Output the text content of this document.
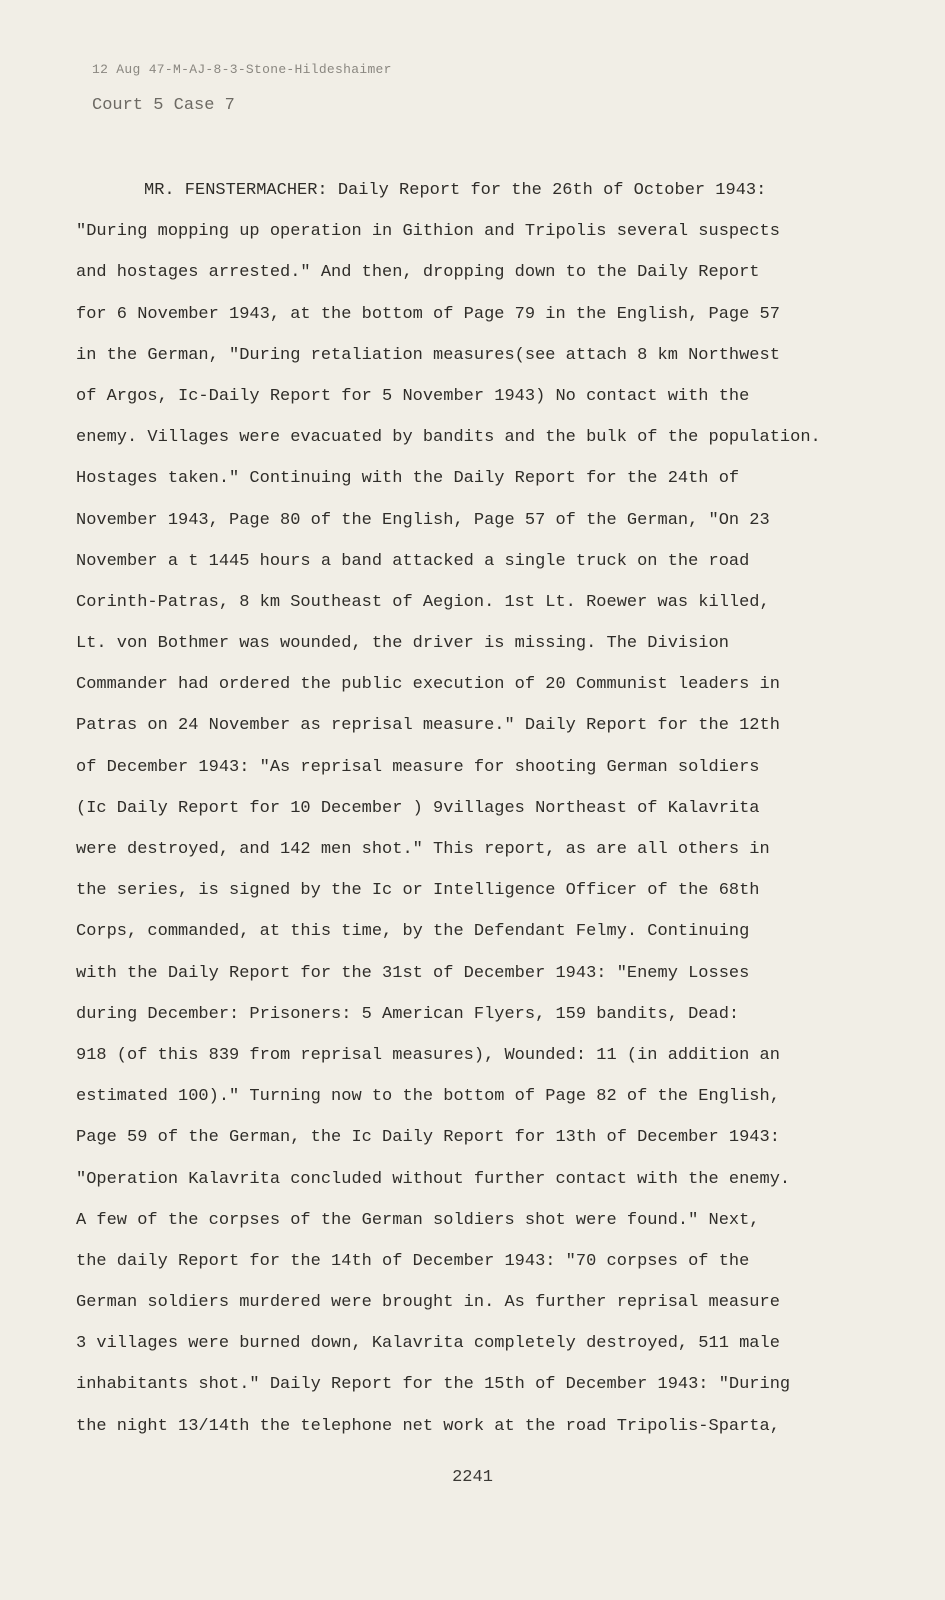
12 Aug 47-M-AJ-8-3-Stone-Hildeshaimer
Court 5 Case 7
MR. FENSTERMACHER: Daily Report for the 26th of October 1943:
"During mopping up operation in Githion and Tripolis several suspects
and hostages arrested." And then, dropping down to the Daily Report
for 6 November 1943, at the bottom of Page 79 in the English, Page 57
in the German, "During retaliation measures(see attach 8 km Northwest
of Argos, Ic-Daily Report for 5 November 1943) No contact with the
enemy. Villages were evacuated by bandits and the bulk of the population.
Hostages taken." Continuing with the Daily Report for the 24th of
November 1943, Page 80 of the English, Page 57 of the German, "On 23
November a t 1445 hours a band attacked a single truck on the road
Corinth-Patras, 8 km Southeast of Aegion. 1st Lt. Roewer was killed,
Lt. von Bothmer was wounded, the driver is missing. The Division
Commander had ordered the public execution of 20 Communist leaders in
Patras on 24 November as reprisal measure." Daily Report for the 12th
of December 1943: "As reprisal measure for shooting German soldiers
(Ic Daily Report for 10 December ) 9villages Northeast of Kalavrita
were destroyed, and 142 men shot." This report, as are all others in
the series, is signed by the Ic or Intelligence Officer of the 68th
Corps, commanded, at this time, by the Defendant Felmy. Continuing
with the Daily Report for the 31st of December 1943: "Enemy Losses
during December: Prisoners: 5 American Flyers, 159 bandits, Dead:
918 (of this 839 from reprisal measures), Wounded: 11 (in addition an
estimated 100)." Turning now to the bottom of Page 82 of the English,
Page 59 of the German, the Ic Daily Report for 13th of December 1943:
"Operation Kalavrita concluded without further contact with the enemy.
A few of the corpses of the German soldiers shot were found." Next,
the daily Report for the 14th of December 1943: "70 corpses of the
German soldiers murdered were brought in. As further reprisal measure
3 villages were burned down, Kalavrita completely destroyed, 511 male
inhabitants shot." Daily Report for the 15th of December 1943: "During
the night 13/14th the telephone net work at the road Tripolis-Sparta,
2241
